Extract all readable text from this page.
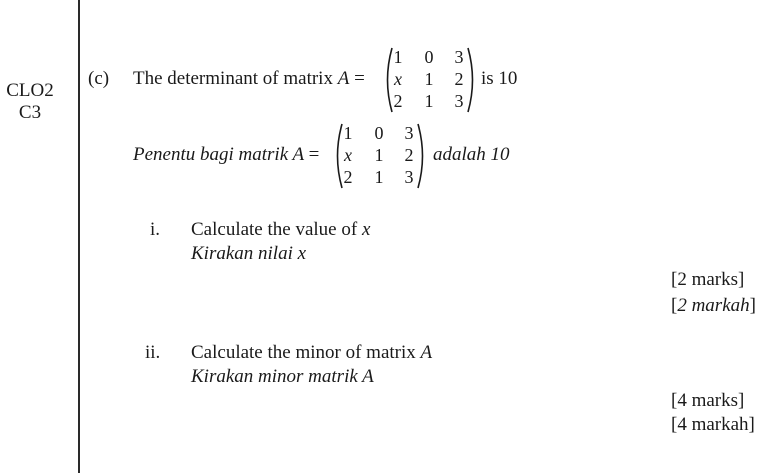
CLO2
C3
(c) The determinant of matrix A =
1 0 3
x 1 2
2 1 3
is 10
Penentu bagi matrik A =
1 0 3
x 1 2
2 1 3
adalah 10
i. Calculate the value of x
Kirakan nilai x
[2 marks]
[2 markah]
ii. Calculate the minor of matrix A
Kirakan minor matrik A
[4 marks]
[4 markah]
